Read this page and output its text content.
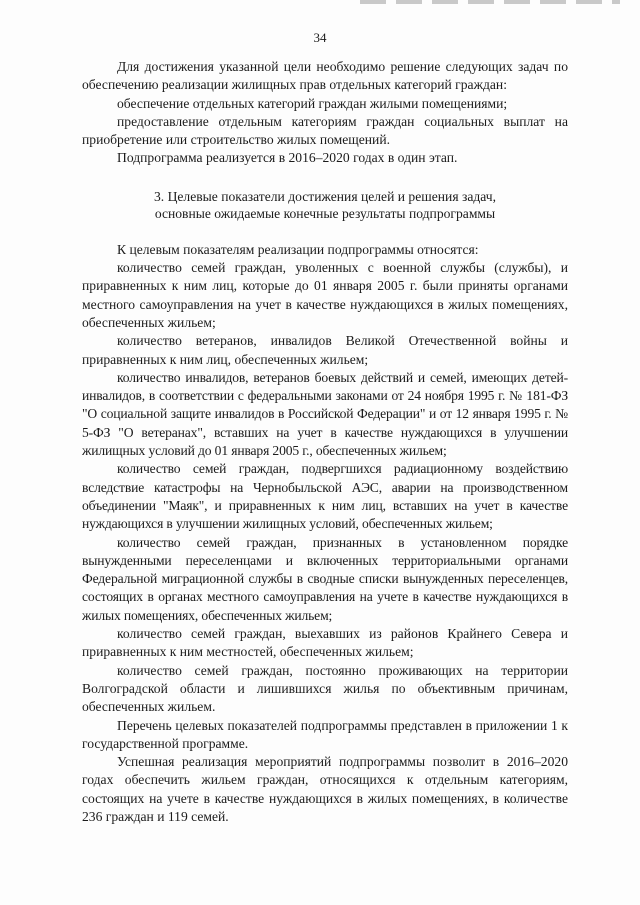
34

Для достижения указанной цели необходимо решение следующих задач по обеспечению реализации жилищных прав отдельных категорий граждан:

обеспечение отдельных категорий граждан жилыми помещениями;

предоставление отдельным категориям граждан социальных выплат на приобретение или строительство жилых помещений.

Подпрограмма реализуется в 2016–2020 годах в один этап.

3. Целевые показатели достижения целей и решения задач,
основные ожидаемые конечные результаты подпрограммы

К целевым показателям реализации подпрограммы относятся:

количество семей граждан, уволенных с военной службы (службы), и приравненных к ним лиц, которые до 01 января 2005 г. были приняты органами местного самоуправления на учет в качестве нуждающихся в жилых помещениях, обеспеченных жильем;

количество ветеранов, инвалидов Великой Отечественной войны и приравненных к ним лиц, обеспеченных жильем;

количество инвалидов, ветеранов боевых действий и семей, имеющих детей-инвалидов, в соответствии с федеральными законами от 24 ноября 1995 г. № 181-ФЗ "О социальной защите инвалидов в Российской Федерации" и от 12 января 1995 г. № 5-ФЗ "О ветеранах", вставших на учет в качестве нуждающихся в улучшении жилищных условий до 01 января 2005 г., обеспеченных жильем;

количество семей граждан, подвергшихся радиационному воздействию вследствие катастрофы на Чернобыльской АЭС, аварии на производственном объединении "Маяк", и приравненных к ним лиц, вставших на учет в качестве нуждающихся в улучшении жилищных условий, обеспеченных жильем;

количество семей граждан, признанных в установленном порядке вынужденными переселенцами и включенных территориальными органами Федеральной миграционной службы в сводные списки вынужденных переселенцев, состоящих в органах местного самоуправления на учете в качестве нуждающихся в жилых помещениях, обеспеченных жильем;

количество семей граждан, выехавших из районов Крайнего Севера и приравненных к ним местностей, обеспеченных жильем;

количество семей граждан, постоянно проживающих на территории Волгоградской области и лишившихся жилья по объективным причинам, обеспеченных жильем.

Перечень целевых показателей подпрограммы представлен в приложении 1 к государственной программе.

Успешная реализация мероприятий подпрограммы позволит в 2016–2020 годах обеспечить жильем граждан, относящихся к отдельным категориям, состоящих на учете в качестве нуждающихся в жилых помещениях, в количестве 236 граждан и 119 семей.
